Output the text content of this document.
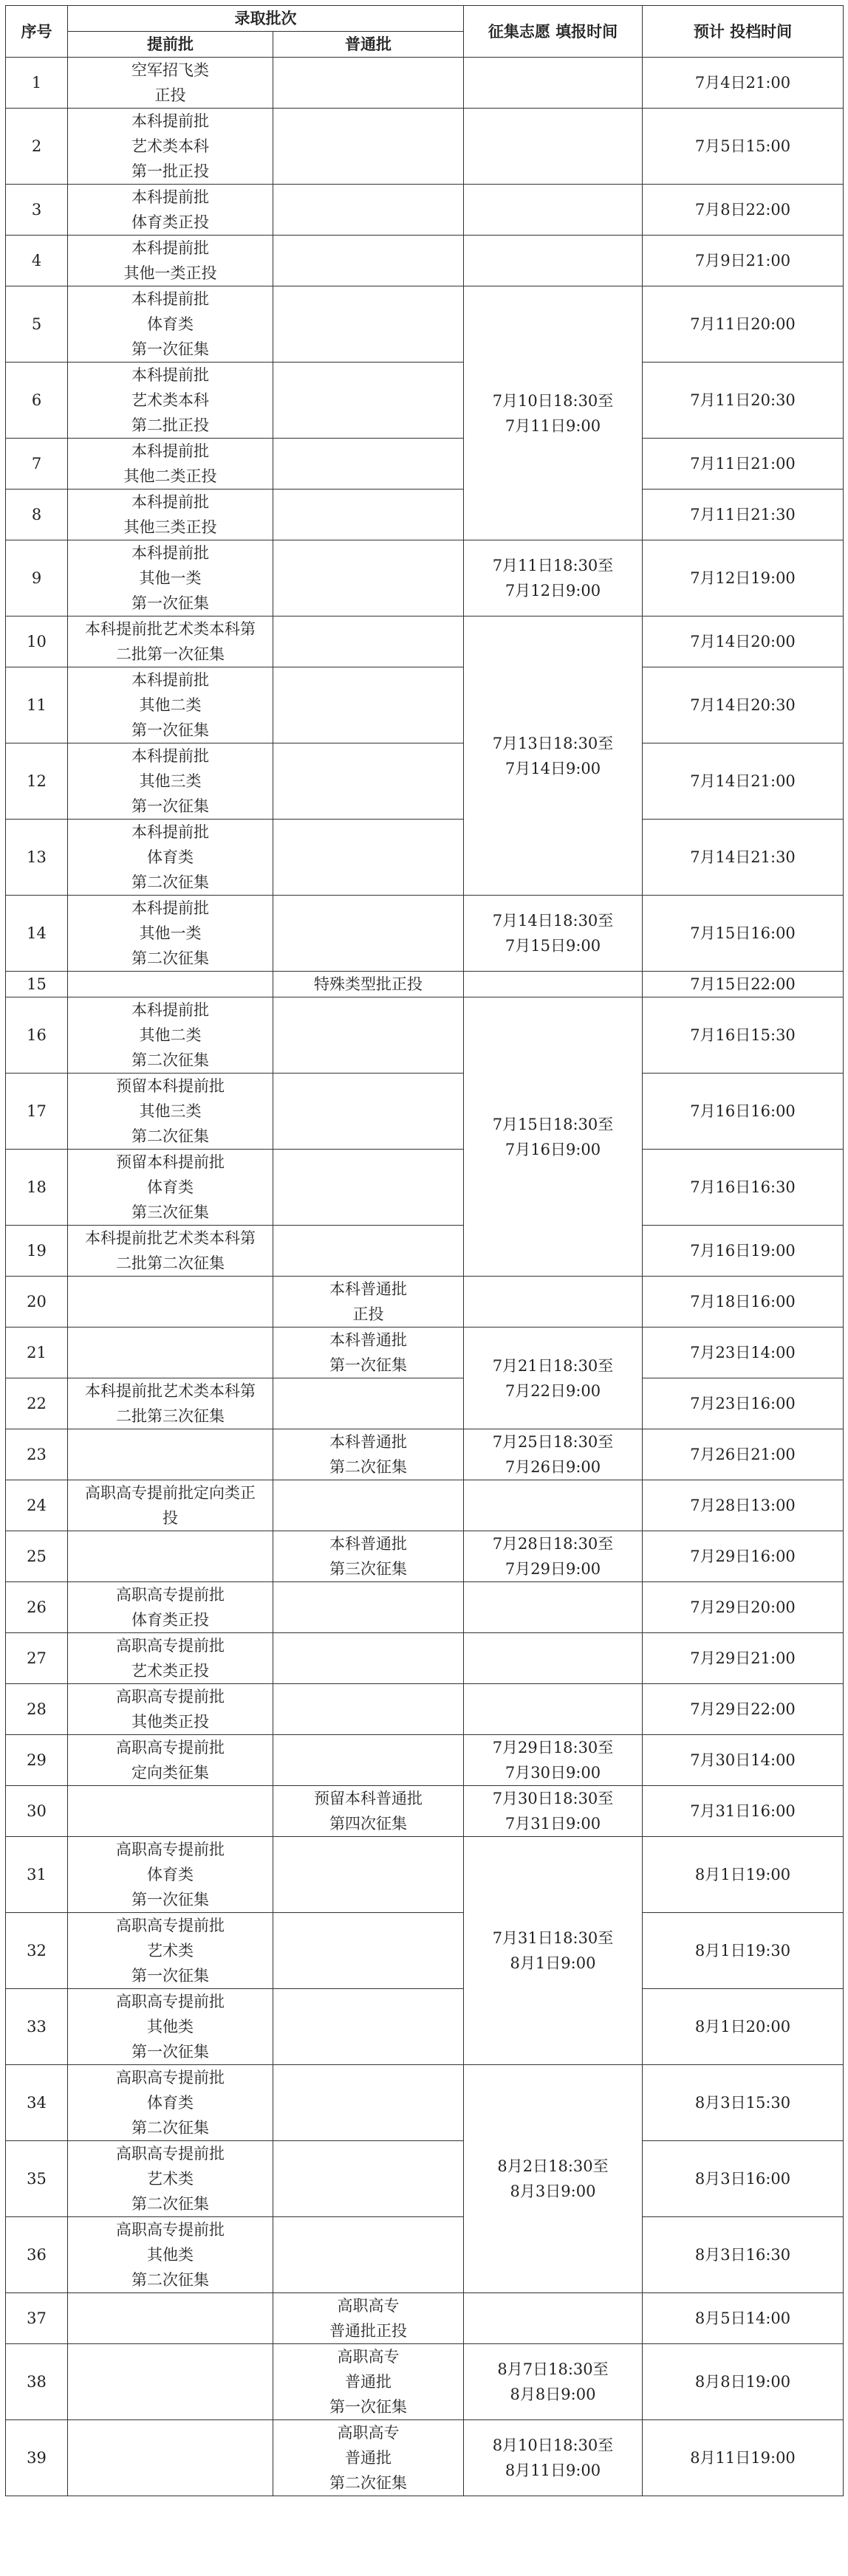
序号	录取批次		征集志愿 填报时间	预计 投档时间
	提前批	普通批		
1	空军招飞类
正投			7月4日21:00
2	本科提前批
艺术类本科
第一批正投			7月5日15:00
3	本科提前批
体育类正投			7月8日22:00
4	本科提前批
其他一类正投			7月9日21:00
5	本科提前批
体育类
第一次征集		7月10日18:30至
7月11日9:00	7月11日20:00
6	本科提前批
艺术类本科
第二批正投			7月11日20:30
7	本科提前批
其他二类正投			7月11日21:00
8	本科提前批
其他三类正投			7月11日21:30
9	本科提前批
其他一类
第一次征集		7月11日18:30至
7月12日9:00	7月12日19:00
10	本科提前批艺术类本科第
二批第一次征集		7月13日18:30至
7月14日9:00	7月14日20:00
11	本科提前批
其他二类
第一次征集			7月14日20:30
12	本科提前批
其他三类
第一次征集			7月14日21:00
13	本科提前批
体育类
第二次征集			7月14日21:30
14	本科提前批
其他一类
第二次征集		7月14日18:30至
7月15日9:00	7月15日16:00
15		特殊类型批正投		7月15日22:00
16	本科提前批
其他二类
第二次征集		7月15日18:30至
7月16日9:00	7月16日15:30
17	预留本科提前批
其他三类
第二次征集			7月16日16:00
18	预留本科提前批
体育类
第三次征集			7月16日16:30
19	本科提前批艺术类本科第
二批第二次征集			7月16日19:00
20		本科普通批
正投		7月18日16:00
21		本科普通批
第一次征集	7月21日18:30至
7月22日9:00	7月23日14:00
22	本科提前批艺术类本科第
二批第三次征集			7月23日16:00
23		本科普通批
第二次征集	7月25日18:30至
7月26日9:00	7月26日21:00
24	高职高专提前批定向类正
投			7月28日13:00
25		本科普通批
第三次征集	7月28日18:30至
7月29日9:00	7月29日16:00
26	高职高专提前批
体育类正投			7月29日20:00
27	高职高专提前批
艺术类正投			7月29日21:00
28	高职高专提前批
其他类正投			7月29日22:00
29	高职高专提前批
定向类征集		7月29日18:30至
7月30日9:00	7月30日14:00
30		预留本科普通批
第四次征集	7月30日18:30至
7月31日9:00	7月31日16:00
31	高职高专提前批
体育类
第一次征集		7月31日18:30至
8月1日9:00	8月1日19:00
32	高职高专提前批
艺术类
第一次征集			8月1日19:30
33	高职高专提前批
其他类
第一次征集			8月1日20:00
34	高职高专提前批
体育类
第二次征集		8月2日18:30至
8月3日9:00	8月3日15:30
35	高职高专提前批
艺术类
第二次征集			8月3日16:00
36	高职高专提前批
其他类
第二次征集			8月3日16:30
37		高职高专
普通批正投		8月5日14:00
38		高职高专
普通批
第一次征集	8月7日18:30至
8月8日9:00	8月8日19:00
39		高职高专
普通批
第二次征集	8月10日18:30至
8月11日9:00	8月11日19:00
